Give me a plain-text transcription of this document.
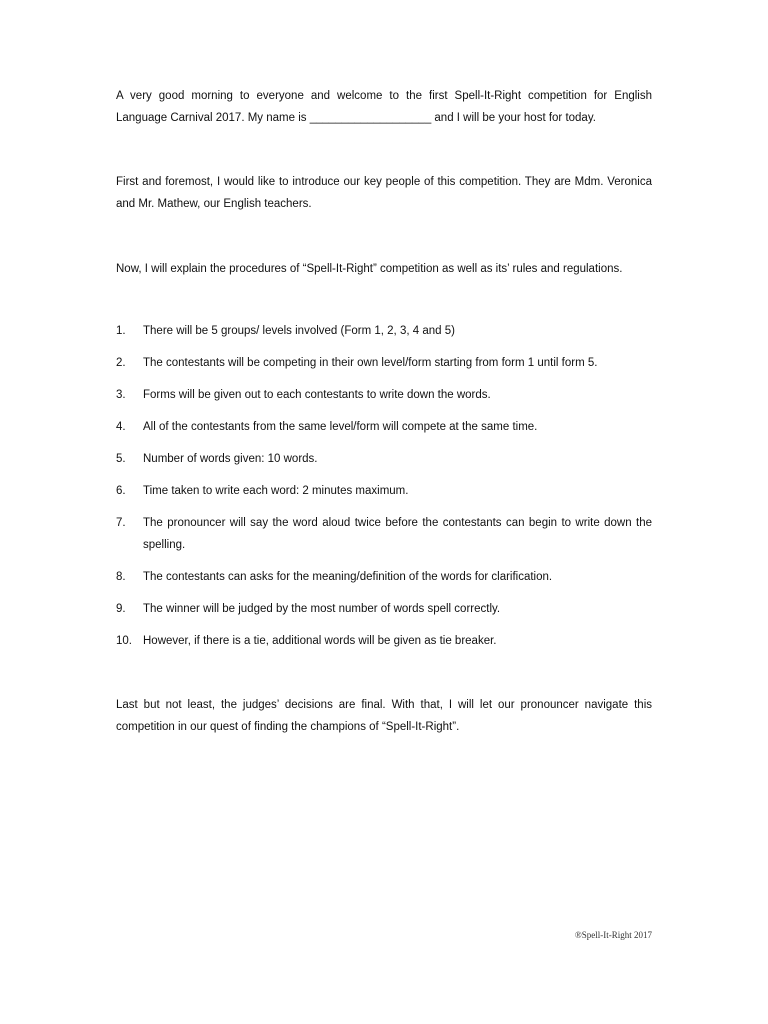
A very good morning to everyone and welcome to the first Spell-It-Right competition for English Language Carnival 2017. My name is ___________________ and I will be your host for today.

First and foremost, I would like to introduce our key people of this competition. They are Mdm. Veronica and Mr. Mathew, our English teachers.

Now, I will explain the procedures of “Spell-It-Right” competition as well as its’ rules and regulations.

1. There will be 5 groups/ levels involved (Form 1, 2, 3, 4 and 5)
2. The contestants will be competing in their own level/form starting from form 1 until form 5.
3. Forms will be given out to each contestants to write down the words.
4. All of the contestants from the same level/form will compete at the same time.
5. Number of words given: 10 words.
6. Time taken to write each word: 2 minutes maximum.
7. The pronouncer will say the word aloud twice before the contestants can begin to write down the spelling.
8. The contestants can asks for the meaning/definition of the words for clarification.
9. The winner will be judged by the most number of words spell correctly.
10. However, if there is a tie, additional words will be given as tie breaker.

Last but not least, the judges’ decisions are final. With that, I will let our pronouncer navigate this competition in our quest of finding the champions of “Spell-It-Right”.

®Spell-It-Right 2017
